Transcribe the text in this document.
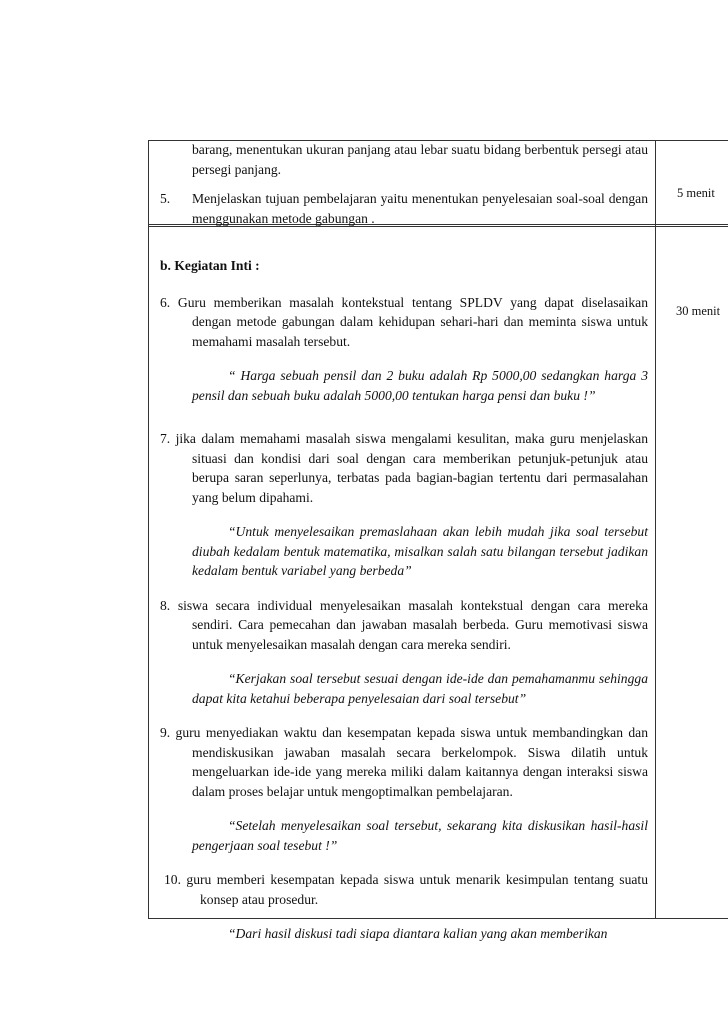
barang, menentukan ukuran panjang atau lebar suatu bidang berbentuk persegi atau persegi panjang.

5.	Menjelaskan tujuan pembelajaran yaitu menentukan penyelesaian soal-soal dengan menggunakan metode gabungan .
5 menit

b. Kegiatan Inti :

6. Guru memberikan masalah kontekstual tentang SPLDV yang dapat diselasaikan dengan metode gabungan dalam kehidupan sehari-hari dan meminta siswa untuk memahami masalah tersebut.

“ Harga sebuah pensil dan 2 buku adalah Rp 5000,00 sedangkan harga 3 pensil dan sebuah buku adalah 5000,00 tentukan harga pensi dan buku !”

7. jika dalam memahami masalah siswa mengalami kesulitan, maka guru menjelaskan situasi dan kondisi dari soal dengan cara memberikan petunjuk-petunjuk atau berupa saran seperlunya, terbatas pada bagian-bagian tertentu dari permasalahan yang belum dipahami.

“Untuk menyelesaikan premaslahaan akan lebih mudah jika soal tersebut diubah kedalam bentuk matematika, misalkan salah satu bilangan tersebut jadikan kedalam bentuk variabel yang berbeda”

8. siswa secara individual menyelesaikan masalah kontekstual dengan cara mereka sendiri. Cara pemecahan dan jawaban masalah berbeda. Guru memotivasi siswa untuk menyelesaikan masalah dengan cara mereka sendiri.

“Kerjakan soal tersebut sesuai dengan ide-ide dan pemahamanmu sehingga dapat kita ketahui beberapa penyelesaian dari soal tersebut”

9. guru menyediakan waktu dan kesempatan kepada siswa untuk membandingkan dan mendiskusikan jawaban masalah secara berkelompok. Siswa dilatih untuk mengeluarkan ide-ide yang mereka miliki dalam kaitannya dengan interaksi siswa dalam proses belajar untuk mengoptimalkan pembelajaran.

“Setelah menyelesaikan soal tersebut, sekarang kita diskusikan hasil-hasil pengerjaan soal tesebut !”

10. guru memberi kesempatan kepada siswa untuk menarik kesimpulan tentang suatu konsep atau prosedur.

“Dari hasil diskusi tadi siapa diantara kalian yang akan memberikan

30 menit
